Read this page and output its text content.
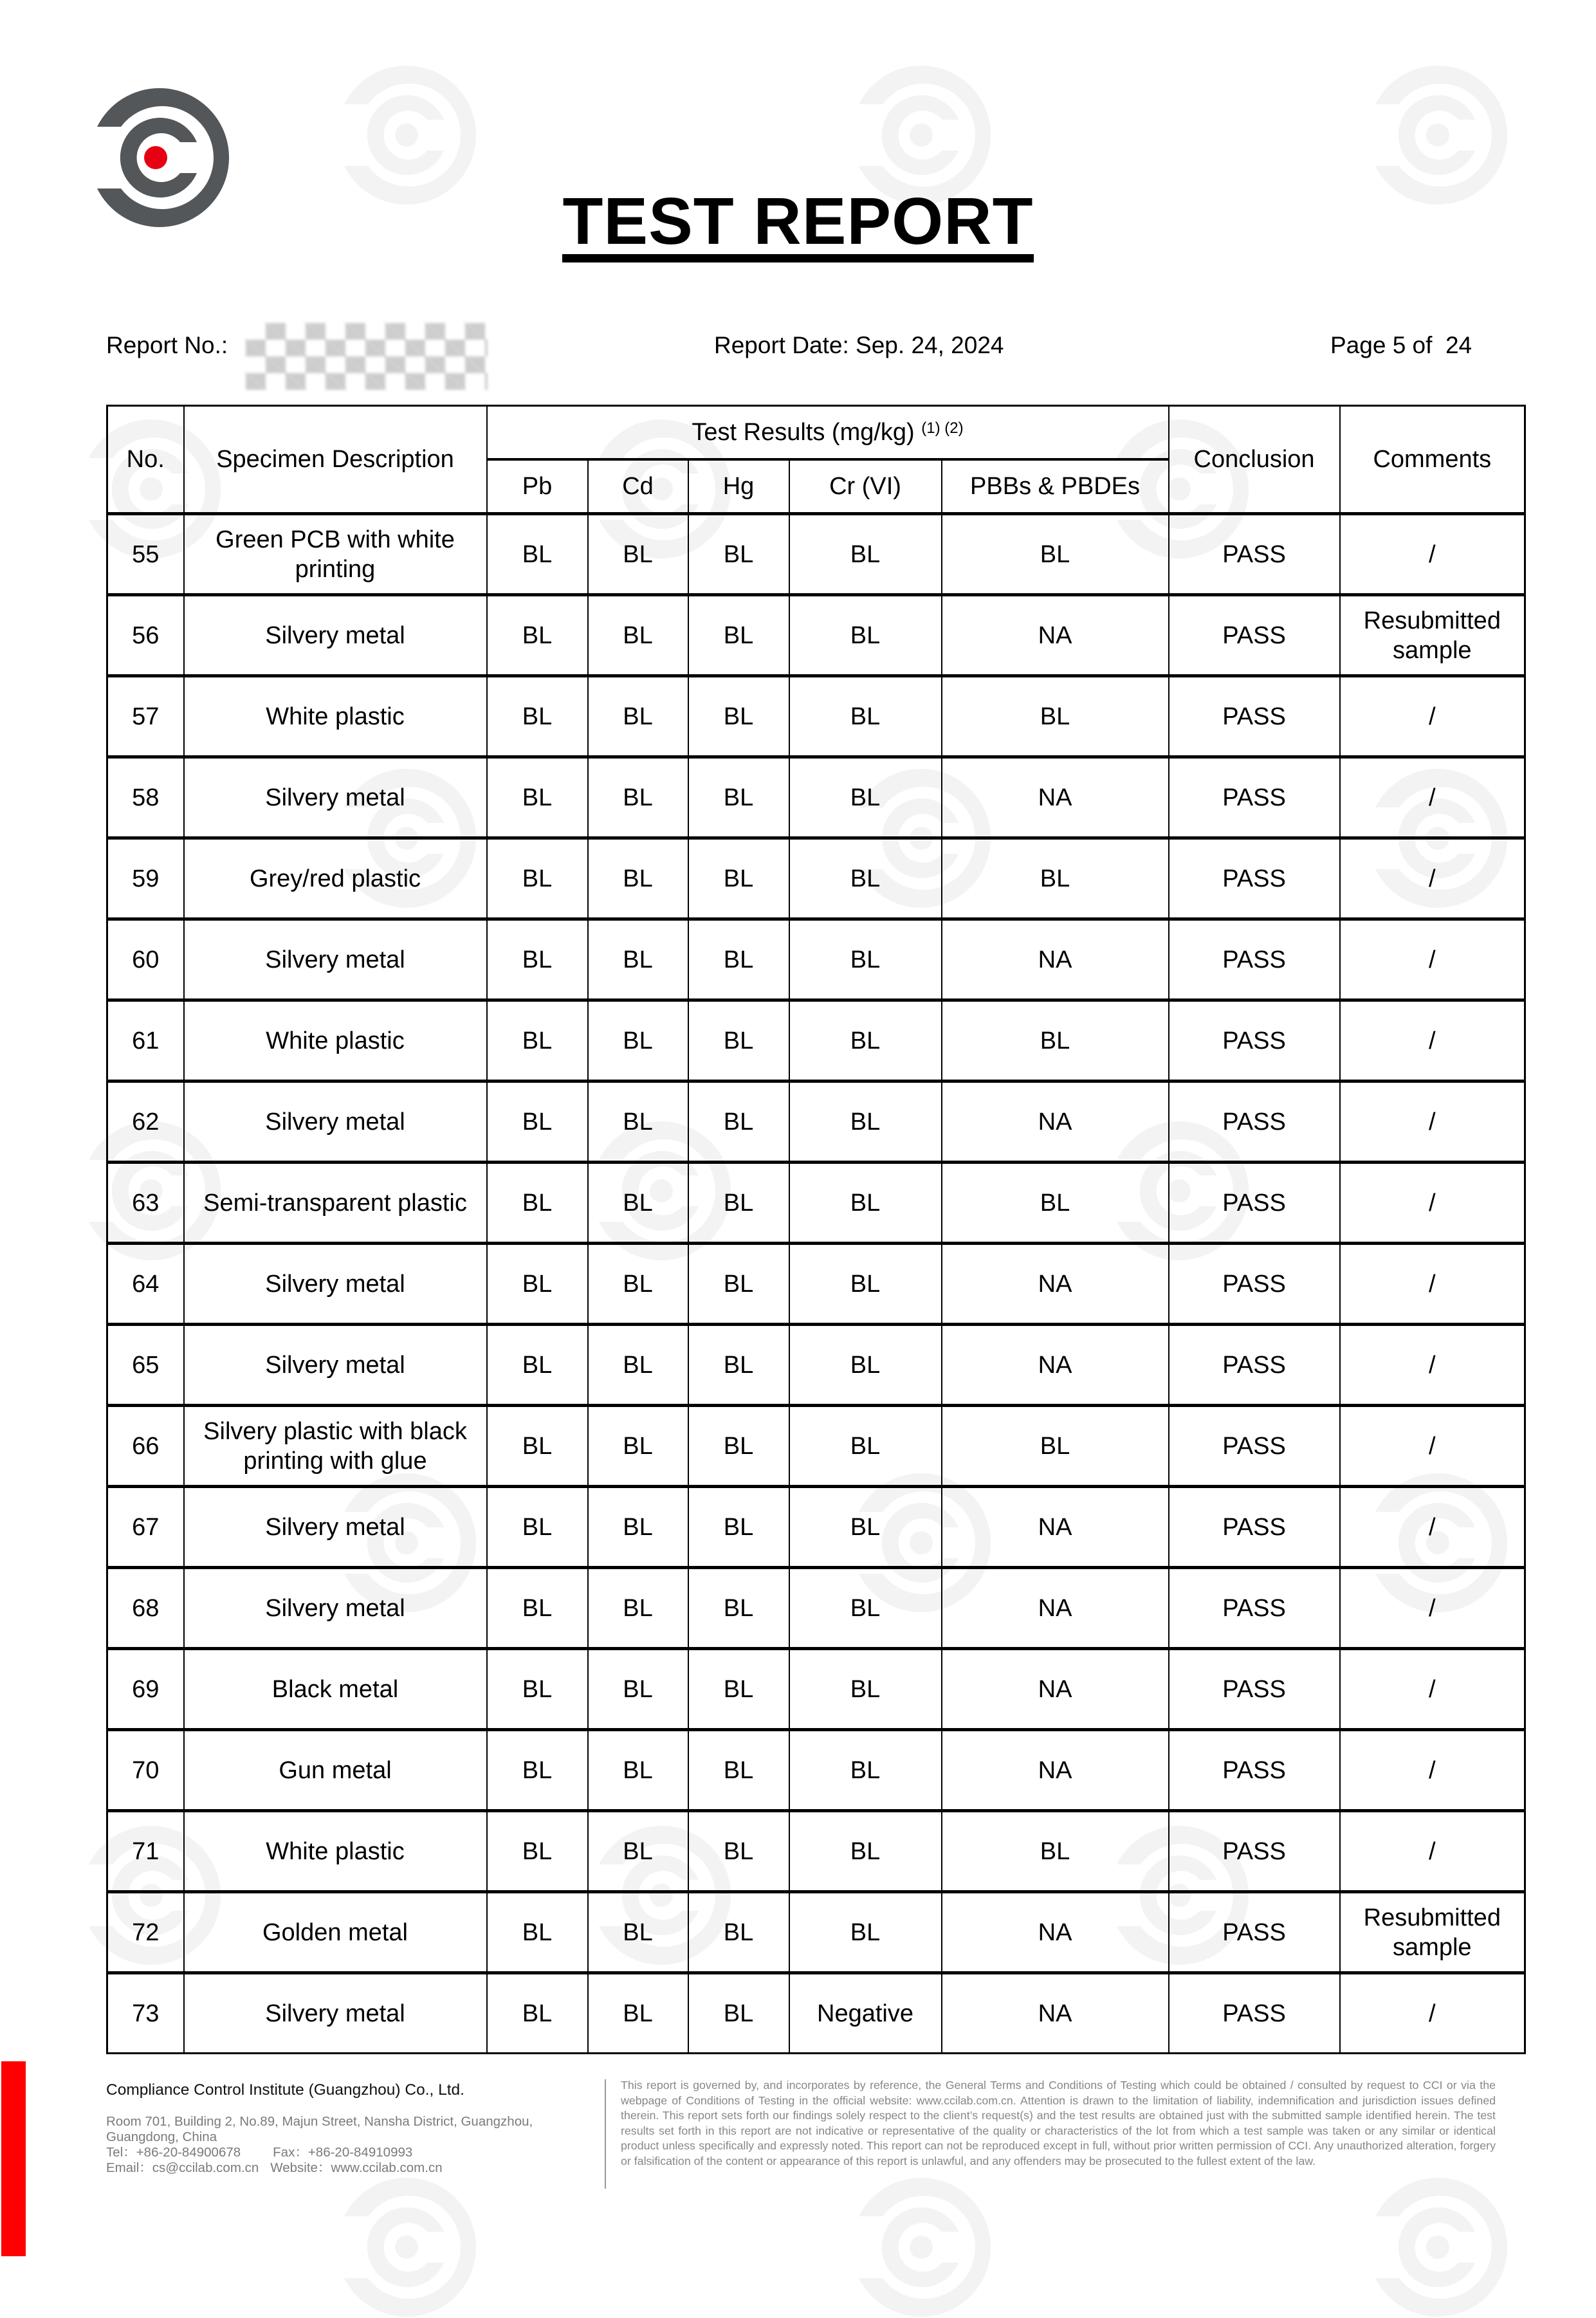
TEST REPORT
Report No.:	Report Date: Sep. 24, 2024	Page 5 of  24
No.	Specimen Description	Test Results (mg/kg) $^{(1) (2)}$					Conclusion	Comments
		Pb	Cd	Hg	Cr (VI)	PBBs & PBDEs		
55	Green PCB with white printing	BL	BL	BL	BL	BL	PASS	/
56	Silvery metal	BL	BL	BL	BL	NA	PASS	Resubmitted sample
57	White plastic	BL	BL	BL	BL	BL	PASS	/
58	Silvery metal	BL	BL	BL	BL	NA	PASS	/
59	Grey/red plastic	BL	BL	BL	BL	BL	PASS	/
60	Silvery metal	BL	BL	BL	BL	NA	PASS	/
61	White plastic	BL	BL	BL	BL	BL	PASS	/
62	Silvery metal	BL	BL	BL	BL	NA	PASS	/
63	Semi-transparent plastic	BL	BL	BL	BL	BL	PASS	/
64	Silvery metal	BL	BL	BL	BL	NA	PASS	/
65	Silvery metal	BL	BL	BL	BL	NA	PASS	/
66	Silvery plastic with black printing with glue	BL	BL	BL	BL	BL	PASS	/
67	Silvery metal	BL	BL	BL	BL	NA	PASS	/
68	Silvery metal	BL	BL	BL	BL	NA	PASS	/
69	Black metal	BL	BL	BL	BL	NA	PASS	/
70	Gun metal	BL	BL	BL	BL	NA	PASS	/
71	White plastic	BL	BL	BL	BL	BL	PASS	/
72	Golden metal	BL	BL	BL	BL	NA	PASS	Resubmitted sample
73	Silvery metal	BL	BL	BL	Negative	NA	PASS	/
Compliance Control Institute (Guangzhou) Co., Ltd.
Room 701, Building 2, No.89, Majun Street, Nansha District, Guangzhou,
Guangdong, China
Tel：+86-20-84900678 Fax：+86-20-84910993
Email：cs@ccilab.com.cn Website：www.ccilab.com.cn
This report is governed by, and incorporates by reference, the General Terms and Conditions of Testing which could be obtained / consulted by request to CCI or via the webpage of Conditions of Testing in the official website: www.ccilab.com.cn. Attention is drawn to the limitation of liability, indemnification and jurisdiction issues defined therein. This report sets forth our findings solely respect to the client’s request(s) and the test results are obtained just with the submitted sample identified herein. The test results set forth in this report are not indicative or representative of the quality or characteristics of the lot from which a test sample was taken or any similar or identical product unless specifically and expressly noted. This report can not be reproduced except in full, without prior written permission of CCI. Any unauthorized alteration, forgery or falsification of the content or appearance of this report is unlawful, and any offenders may be prosecuted to the fullest extent of the law.
